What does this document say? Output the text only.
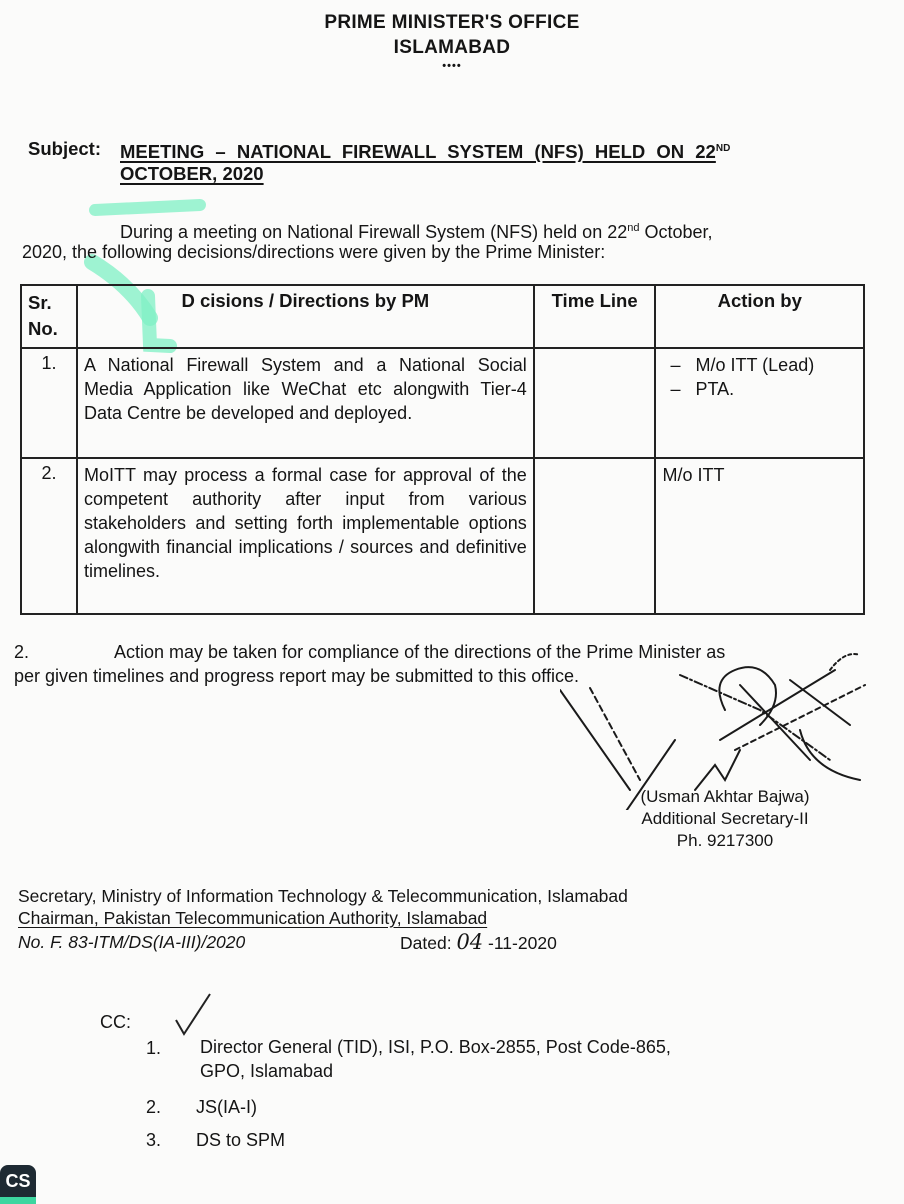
PRIME MINISTER'S OFFICE
ISLAMABAD
••••
Subject: MEETING – NATIONAL FIREWALL SYSTEM (NFS) HELD ON 22ND
OCTOBER, 2020
During a meeting on National Firewall System (NFS) held on 22nd October,
2020, the following decisions/directions were given by the Prime Minister:
Sr. No.	D cisions / Directions by PM	Time Line	Action by
1.	A National Firewall System and a National Social Media Application like WeChat etc alongwith Tier-4 Data Centre be developed and deployed.		–   M/o ITT (Lead)
–   PTA.

2.	MoITT may process a formal case for approval of the competent authority after input from various stakeholders and setting forth implementable options alongwith financial implications / sources and definitive timelines.		M/o ITT
2.	Action may be taken for compliance of the directions of the Prime Minister as
per given timelines and progress report may be submitted to this office.
(Usman Akhtar Bajwa)
Additional Secretary-II
Ph. 9217300
Secretary, Ministry of Information Technology & Telecommunication, Islamabad
Chairman, Pakistan Telecommunication Authority, Islamabad
No. F. 83-ITM/DS(IA-III)/2020	Dated: 04 -11-2020
CC:
1. Director General (TID), ISI, P.O. Box-2855, Post Code-865,
GPO, Islamabad
2. JS(IA-I)
3. DS to SPM
CS
